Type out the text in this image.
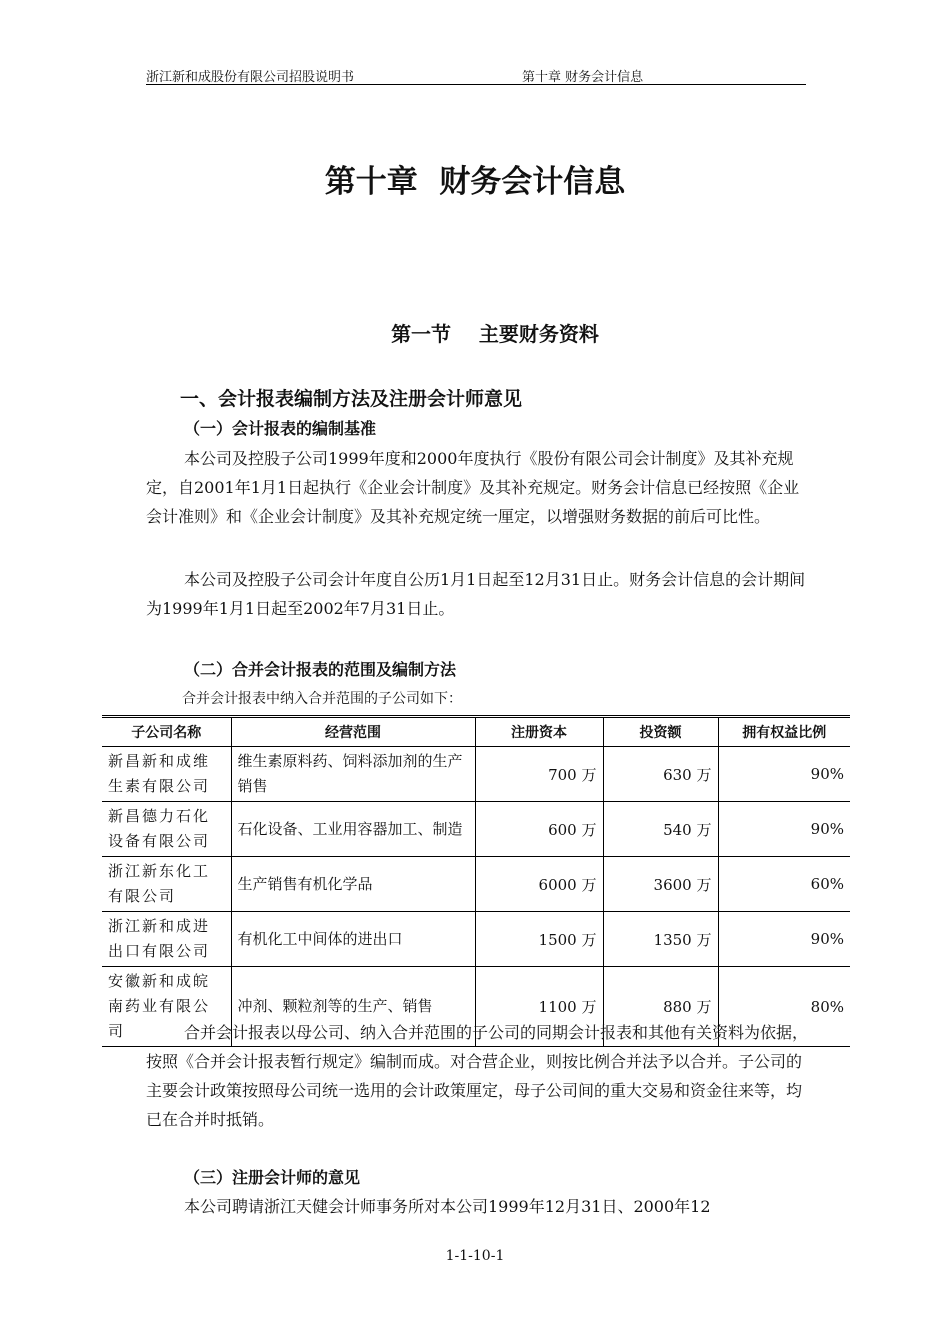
浙江新和成股份有限公司招股说明书	第十章 财务会计信息
第十章  财务会计信息
第一节    主要财务资料
一、会计报表编制方法及注册会计师意见
（一）会计报表的编制基准
本公司及控股子公司1999年度和2000年度执行《股份有限公司会计制度》及其补充规定，自2001年1月1日起执行《企业会计制度》及其补充规定。财务会计信息已经按照《企业会计准则》和《企业会计制度》及其补充规定统一厘定，以增强财务数据的前后可比性。
本公司及控股子公司会计年度自公历1月1日起至12月31日止。财务会计信息的会计期间为1999年1月1日起至2002年7月31日止。
（二）合并会计报表的范围及编制方法
合并会计报表中纳入合并范围的子公司如下：
子公司名称	经营范围	注册资本	投资额	拥有权益比例
新昌新和成维生素有限公司	维生素原料药、饲料添加剂的生产销售	700 万	630 万	90%
新昌德力石化设备有限公司	石化设备、工业用容器加工、制造	600 万	540 万	90%
浙江新东化工有限公司	生产销售有机化学品	6000 万	3600 万	60%
浙江新和成进出口有限公司	有机化工中间体的进出口	1500 万	1350 万	90%
安徽新和成皖南药业有限公司	冲剂、颗粒剂等的生产、销售	1100 万	880 万	80%
合并会计报表以母公司、纳入合并范围的子公司的同期会计报表和其他有关资料为依据，按照《合并会计报表暂行规定》编制而成。对合营企业，则按比例合并法予以合并。子公司的主要会计政策按照母公司统一选用的会计政策厘定，母子公司间的重大交易和资金往来等，均已在合并时抵销。
（三）注册会计师的意见
本公司聘请浙江天健会计师事务所对本公司1999年12月31日、2000年12
1-1-10-1
